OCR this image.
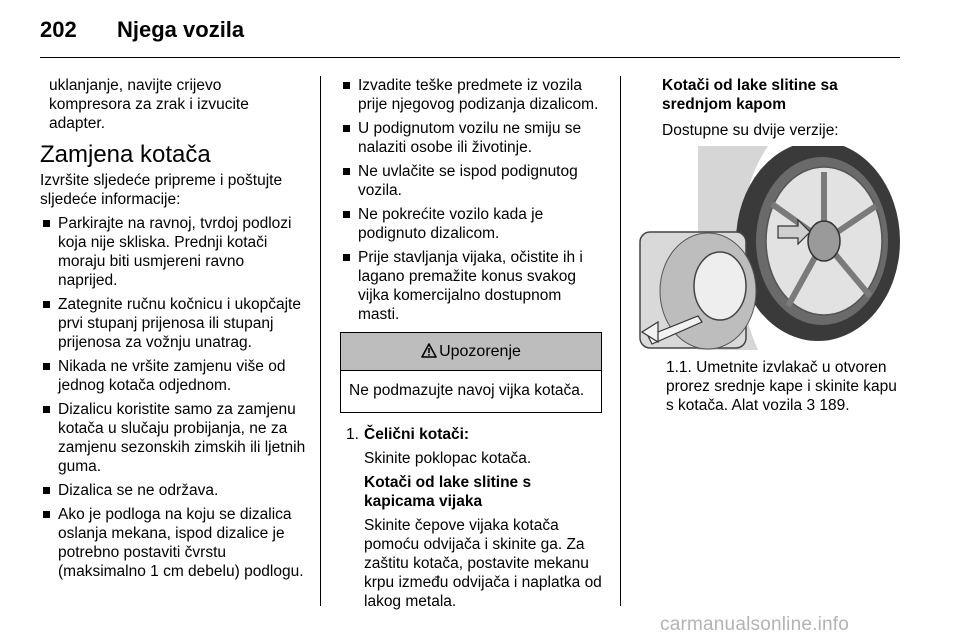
202 Njega vozila

uklanjanje, navijte crijevo kompresora za zrak i izvucite adapter.

Zamjena kotača

Izvršite sljedeće pripreme i poštujte sljedeće informacije:

Parkirajte na ravnoj, tvrdoj podlozi koja nije skliska. Prednji kotači moraju biti usmjereni ravno naprijed.
Zategnite ručnu kočnicu i ukopčajte prvi stupanj prijenosa ili stupanj prijenosa za vožnju unatrag.
Nikada ne vršite zamjenu više od jednog kotača odjednom.
Dizalicu koristite samo za zamjenu kotača u slučaju probijanja, ne za zamjenu sezonskih zimskih ili ljetnih guma.
Dizalica se ne održava.
Ako je podloga na koju se dizalica oslanja mekana, ispod dizalice je potrebno postaviti čvrstu (maksimalno 1 cm debelu) podlogu.
Izvadite teške predmete iz vozila prije njegovog podizanja dizalicom.
U podignutom vozilu ne smiju se nalaziti osobe ili životinje.
Ne uvlačite se ispod podignutog vozila.
Ne pokrećite vozilo kada je podignuto dizalicom.
Prije stavljanja vijaka, očistite ih i lagano premažite konus svakog vijka komercijalno dostupnom masti.
Upozorenje
Ne podmazujte navoj vijka kotača.
1. Čelični kotači:

Skinite poklopac kotača.

Kotači od lake slitine s kapicama vijaka

Skinite čepove vijaka kotača pomoću odvijača i skinite ga. Za zaštitu kotača, postavite mekanu krpu između odvijača i naplatka od lakog metala.

Kotači od lake slitine sa srednjom kapom

Dostupne su dvije verzije:

1.1. Umetnite izvlakač u otvoren prorez srednje kape i skinite kapu s kotača. Alat vozila 3 189.

carmanualsonline.info
